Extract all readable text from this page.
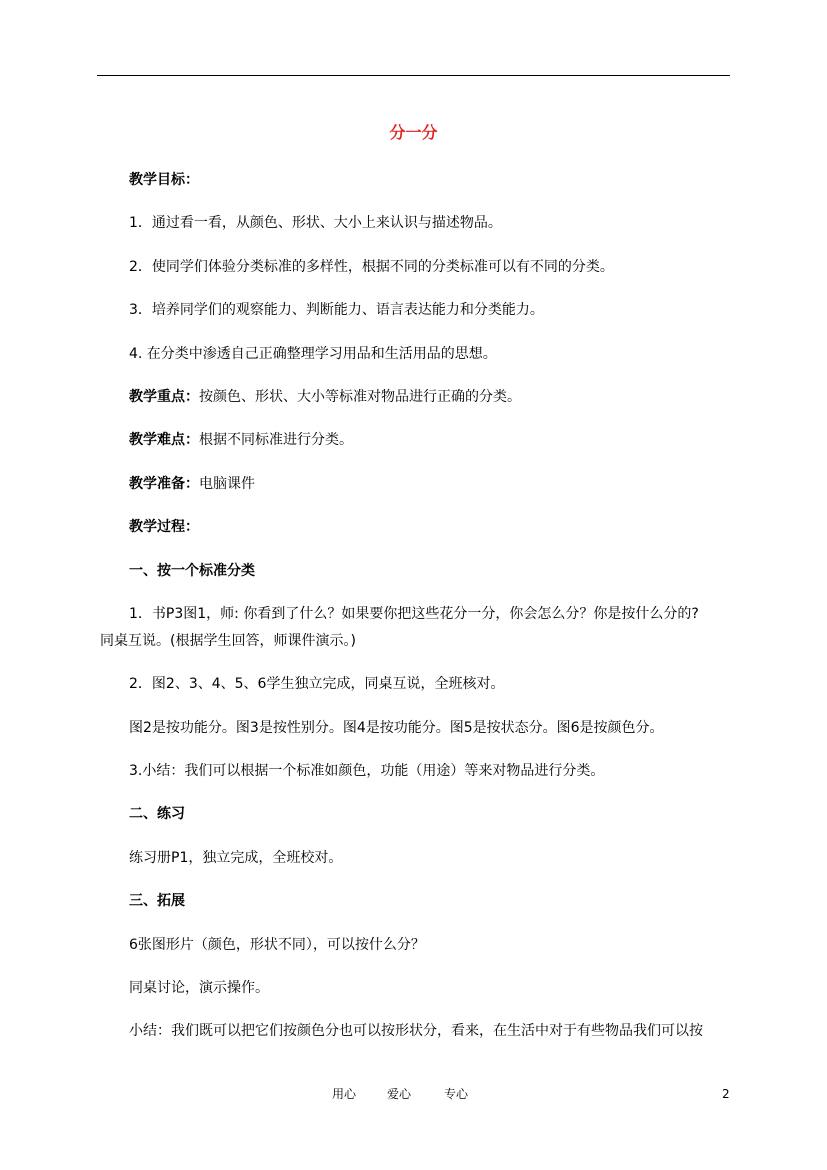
分一分

教学目标：

1．通过看一看，从颜色、形状、大小上来认识与描述物品。

2．使同学们体验分类标准的多样性，根据不同的分类标准可以有不同的分类。

3．培养同学们的观察能力、判断能力、语言表达能力和分类能力。

4. 在分类中渗透自己正确整理学习用品和生活用品的思想。

教学重点：按颜色、形状、大小等标准对物品进行正确的分类。

教学难点：根据不同标准进行分类。

教学准备：电脑课件

教学过程：

一、按一个标准分类

1．书P3图1，师: 你看到了什么？如果要你把这些花分一分，你会怎么分？你是按什么分的?

同桌互说。(根据学生回答，师课件演示。)

2．图2、3、4、5、6学生独立完成，同桌互说，全班核对。

图2是按功能分。图3是按性别分。图4是按功能分。图5是按状态分。图6是按颜色分。

3.小结：我们可以根据一个标准如颜色，功能（用途）等来对物品进行分类。

二、练习

练习册P1，独立完成，全班校对。

三、拓展

6张图形片（颜色，形状不同），可以按什么分？

同桌讨论，演示操作。

小结：我们既可以把它们按颜色分也可以按形状分，看来，在生活中对于有些物品我们可以按

用心	爱心	专心	2
